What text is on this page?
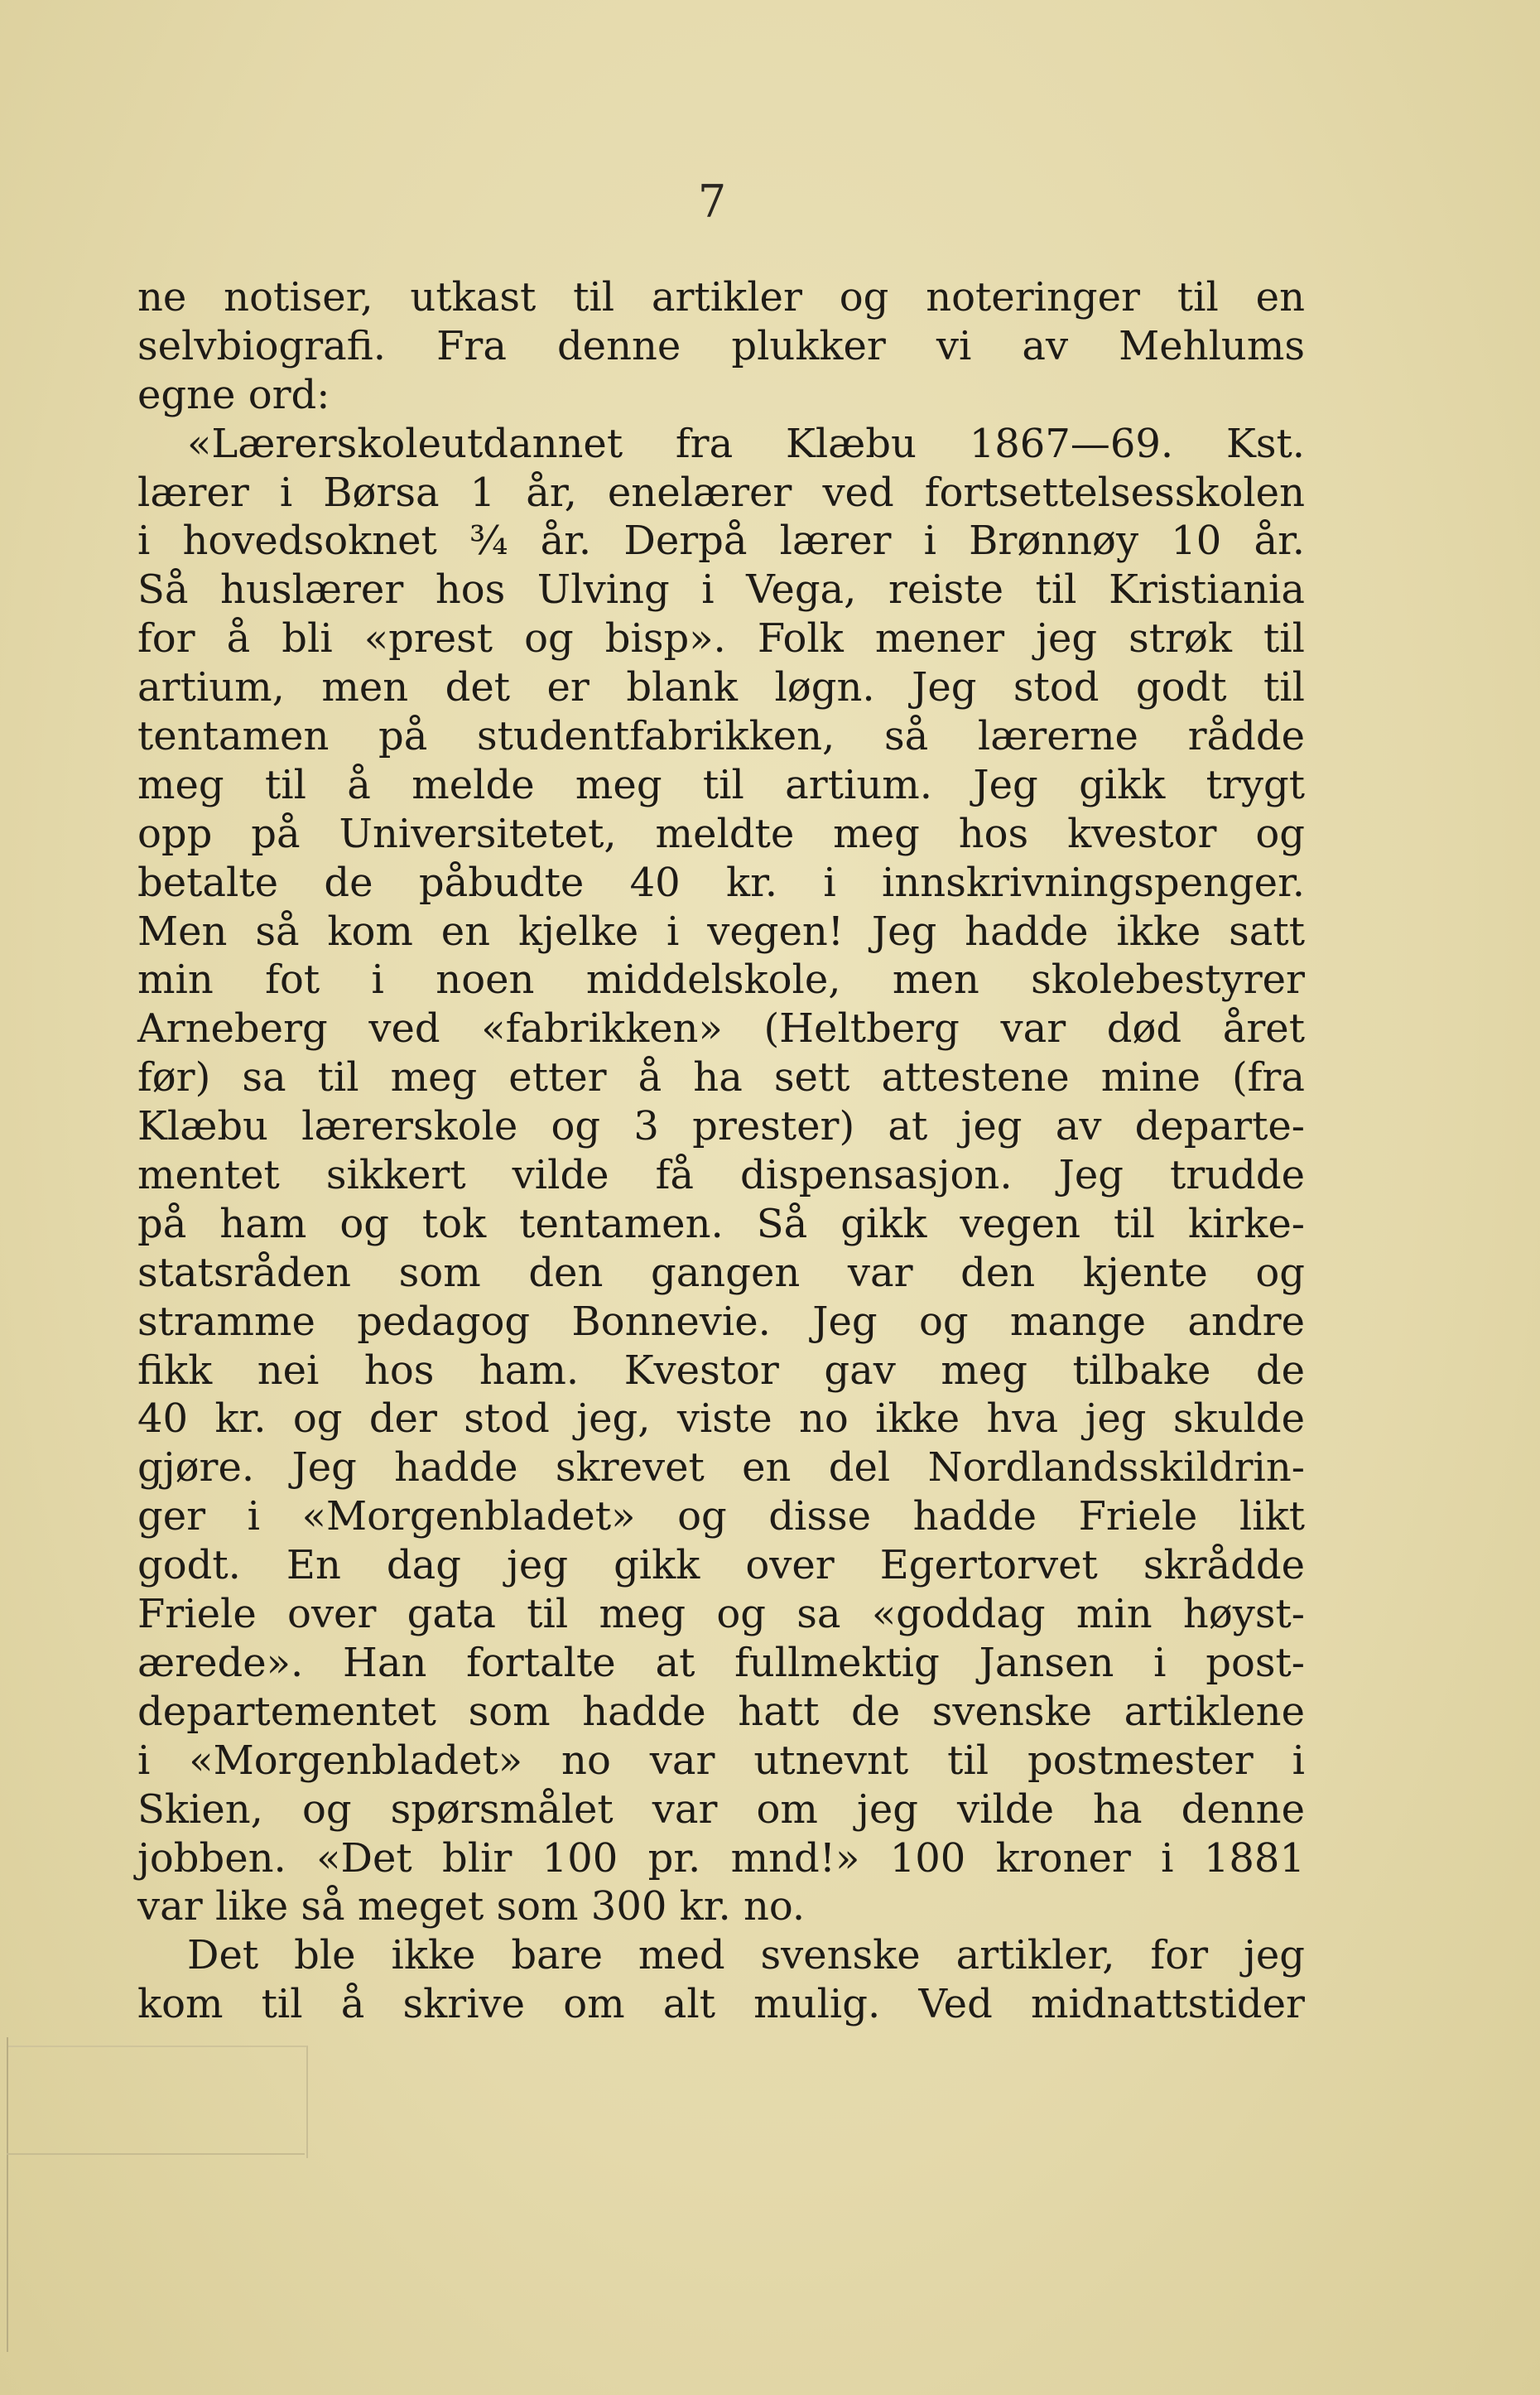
7
ne notiser, utkast til artikler og noteringer til en
selvbiografi. Fra denne plukker vi av Mehlums
egne ord:
«Lærerskoleutdannet fra Klæbu 1867—69. Kst.
lærer i Børsa 1 år, enelærer ved fortsettelsesskolen
i hovedsoknet ¾ år. Derpå lærer i Brønnøy 10 år.
Så huslærer hos Ulving i Vega, reiste til Kristiania
for å bli «prest og bisp». Folk mener jeg strøk til
artium, men det er blank løgn. Jeg stod godt til
tentamen på studentfabrikken, så lærerne rådde
meg til å melde meg til artium. Jeg gikk trygt
opp på Universitetet, meldte meg hos kvestor og
betalte de påbudte 40 kr. i innskrivningspenger.
Men så kom en kjelke i vegen! Jeg hadde ikke satt
min fot i noen middelskole, men skolebestyrer
Arneberg ved «fabrikken» (Heltberg var død året
før) sa til meg etter å ha sett attestene mine (fra
Klæbu lærerskole og 3 prester) at jeg av departe-
mentet sikkert vilde få dispensasjon. Jeg trudde
på ham og tok tentamen. Så gikk vegen til kirke-
statsråden som den gangen var den kjente og
stramme pedagog Bonnevie. Jeg og mange andre
fikk nei hos ham. Kvestor gav meg tilbake de
40 kr. og der stod jeg, viste no ikke hva jeg skulde
gjøre. Jeg hadde skrevet en del Nordlandsskildrin-
ger i «Morgenbladet» og disse hadde Friele likt
godt. En dag jeg gikk over Egertorvet skrådde
Friele over gata til meg og sa «goddag min høyst-
ærede». Han fortalte at fullmektig Jansen i post-
departementet som hadde hatt de svenske artiklene
i «Morgenbladet» no var utnevnt til postmester i
Skien, og spørsmålet var om jeg vilde ha denne
jobben. «Det blir 100 pr. mnd!» 100 kroner i 1881
var like så meget som 300 kr. no.
Det ble ikke bare med svenske artikler, for jeg
kom til å skrive om alt mulig. Ved midnattstider
